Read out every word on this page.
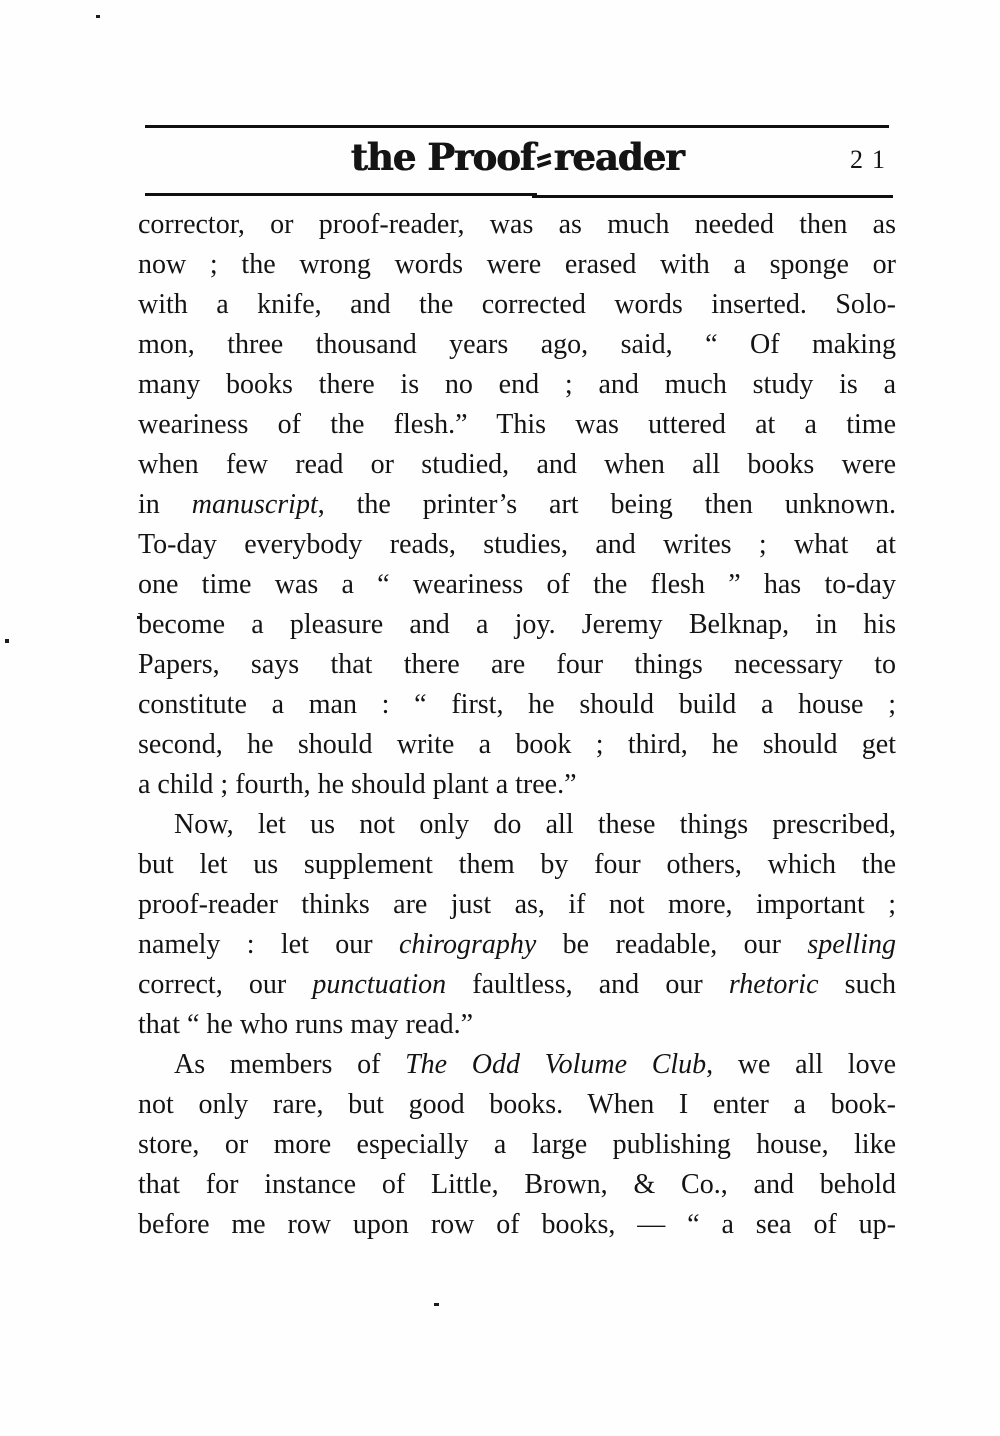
the Proof reader	21
corrector, or proof-reader, was as much needed then as
now ; the wrong words were erased with a sponge or
with a knife, and the corrected words inserted. Solo-
mon, three thousand years ago, said, “ Of making
many books there is no end ; and much study is a
weariness of the flesh.” This was uttered at a time
when few read or studied, and when all books were
in manuscript, the printer’s art being then unknown.
To-day everybody reads, studies, and writes ; what at
one time was a “ weariness of the flesh ” has to-day
become a pleasure and a joy. Jeremy Belknap, in his
Papers, says that there are four things necessary to
constitute a man : “ first, he should build a house ;
second, he should write a book ; third, he should get
a child ; fourth, he should plant a tree.”
Now, let us not only do all these things prescribed,
but let us supplement them by four others, which the
proof-reader thinks are just as, if not more, important ;
namely : let our chirography be readable, our spelling
correct, our punctuation faultless, and our rhetoric such
that “ he who runs may read.”
As members of The Odd Volume Club, we all love
not only rare, but good books. When I enter a book-
store, or more especially a large publishing house, like
that for instance of Little, Brown, & Co., and behold
before me row upon row of books, — “ a sea of up-
